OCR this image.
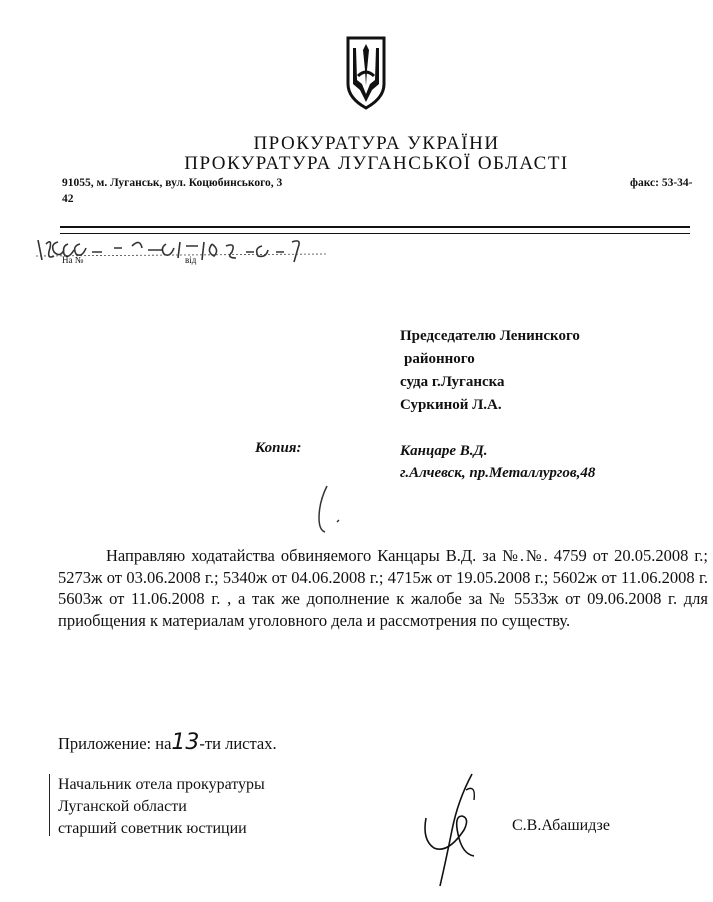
ПРОКУРАТУРА УКРАЇНИ
ПРОКУРАТУРА ЛУГАНСЬКОЇ ОБЛАСТІ
91055, м. Луганськ, вул. Коцюбинського, 3	факс: 53-34-
42
На №	від
Председателю Ленинского
районного
суда г.Луганска
Суркиной Л.А.
Копия:	Канцаре В.Д.
г.Алчевск, пр.Металлургов,48
Направляю ходатайства обвиняемого Канцары В.Д. за №.№. 4759 от 20.05.2008 г.; 5273ж от 03.06.2008 г.; 5340ж от 04.06.2008 г.; 4715ж от 19.05.2008 г.; 5602ж от 11.06.2008 г. 5603ж от 11.06.2008 г. , а так же дополнение к жалобе за № 5533ж от 09.06.2008 г. для приобщения к материалам уголовного дела и рассмотрения по существу.
Приложение: на13-ти листах.
Начальник отела прокуратуры
Луганской области
старший советник юстиции	С.В.Абашидзе
